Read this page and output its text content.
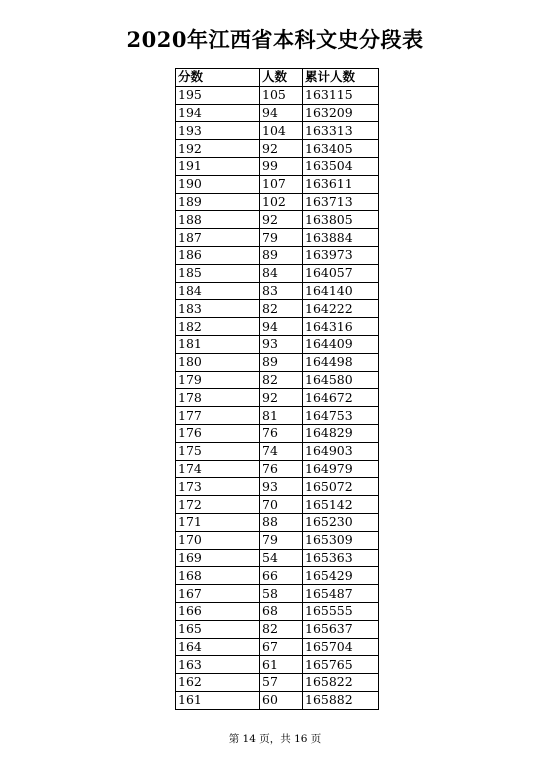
2020年江西省本科文史分段表
分数	人数	累计人数
195	105	163115
194	94	163209
193	104	163313
192	92	163405
191	99	163504
190	107	163611
189	102	163713
188	92	163805
187	79	163884
186	89	163973
185	84	164057
184	83	164140
183	82	164222
182	94	164316
181	93	164409
180	89	164498
179	82	164580
178	92	164672
177	81	164753
176	76	164829
175	74	164903
174	76	164979
173	93	165072
172	70	165142
171	88	165230
170	79	165309
169	54	165363
168	66	165429
167	58	165487
166	68	165555
165	82	165637
164	67	165704
163	61	165765
162	57	165822
161	60	165882
第 14 页，共 16 页
